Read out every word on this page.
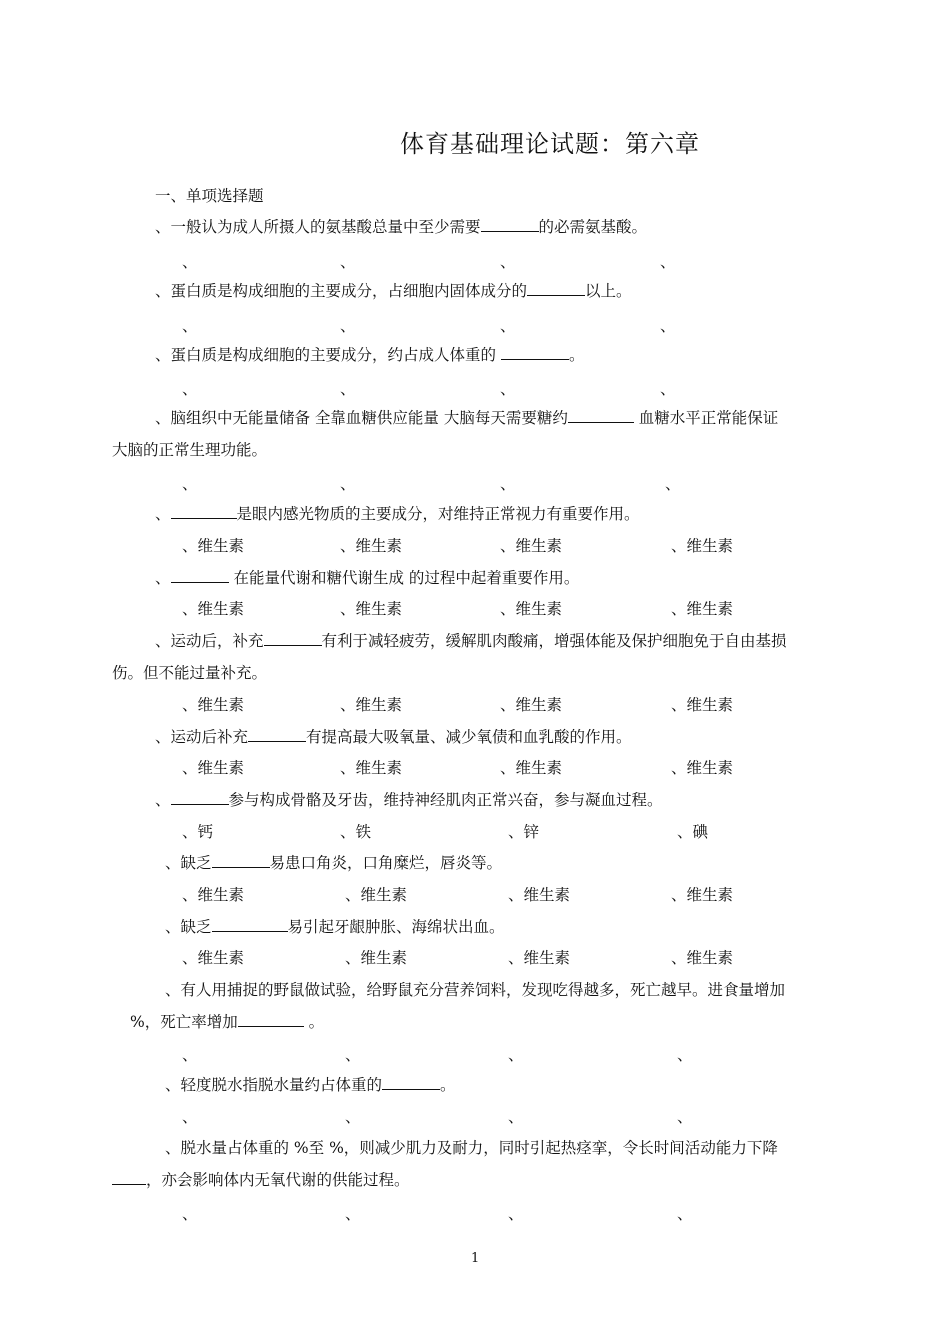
体育基础理论试题：第六章
一、单项选择题
、一般认为成人所摄人的氨基酸总量中至少需要	的必需氨基酸。
、	、	、	、
、蛋白质是构成细胞的主要成分，占细胞内固体成分的	以上。
、	、	、	、
、蛋白质是构成细胞的主要成分，约占成人体重的	。
、	、	、	、
、脑组织中无能量储备 全靠血糖供应能量 大脑每天需要糖约	血糖水平正常能保证
大脑的正常生理功能。
、	、	、	、
、	是眼内感光物质的主要成分，对维持正常视力有重要作用。
、维生素	、维生素	、维生素	、维生素
、	在能量代谢和糖代谢生成 的过程中起着重要作用。
、维生素	、维生素	、维生素	、维生素
、运动后，补充	有利于减轻疲劳，缓解肌肉酸痛，增强体能及保护细胞免于自由基损
伤。但不能过量补充。
、维生素	、维生素	、维生素	、维生素
、运动后补充	有提高最大吸氧量、减少氧债和血乳酸的作用。
、维生素	、维生素	、维生素	、维生素
、	参与构成骨骼及牙齿，维持神经肌肉正常兴奋，参与凝血过程。
、钙	、铁	、锌	、碘
、缺乏	易患口角炎，口角糜烂，唇炎等。
、维生素	、维生素	、维生素	、维生素
、缺乏	易引起牙龈肿胀、海绵状出血。
、维生素	、维生素	、维生素	、维生素
、有人用捕捉的野鼠做试验，给野鼠充分营养饲料，发现吃得越多，死亡越早。进食量增加
%，死亡率增加	。
、	、	、	、
、轻度脱水指脱水量约占体重的	。
、	、	、	、
、脱水量占体重的 %至 %，则减少肌力及耐力，同时引起热痉挛，令长时间活动能力下降
，亦会影响体内无氧代谢的供能过程。
、	、	、	、
1
